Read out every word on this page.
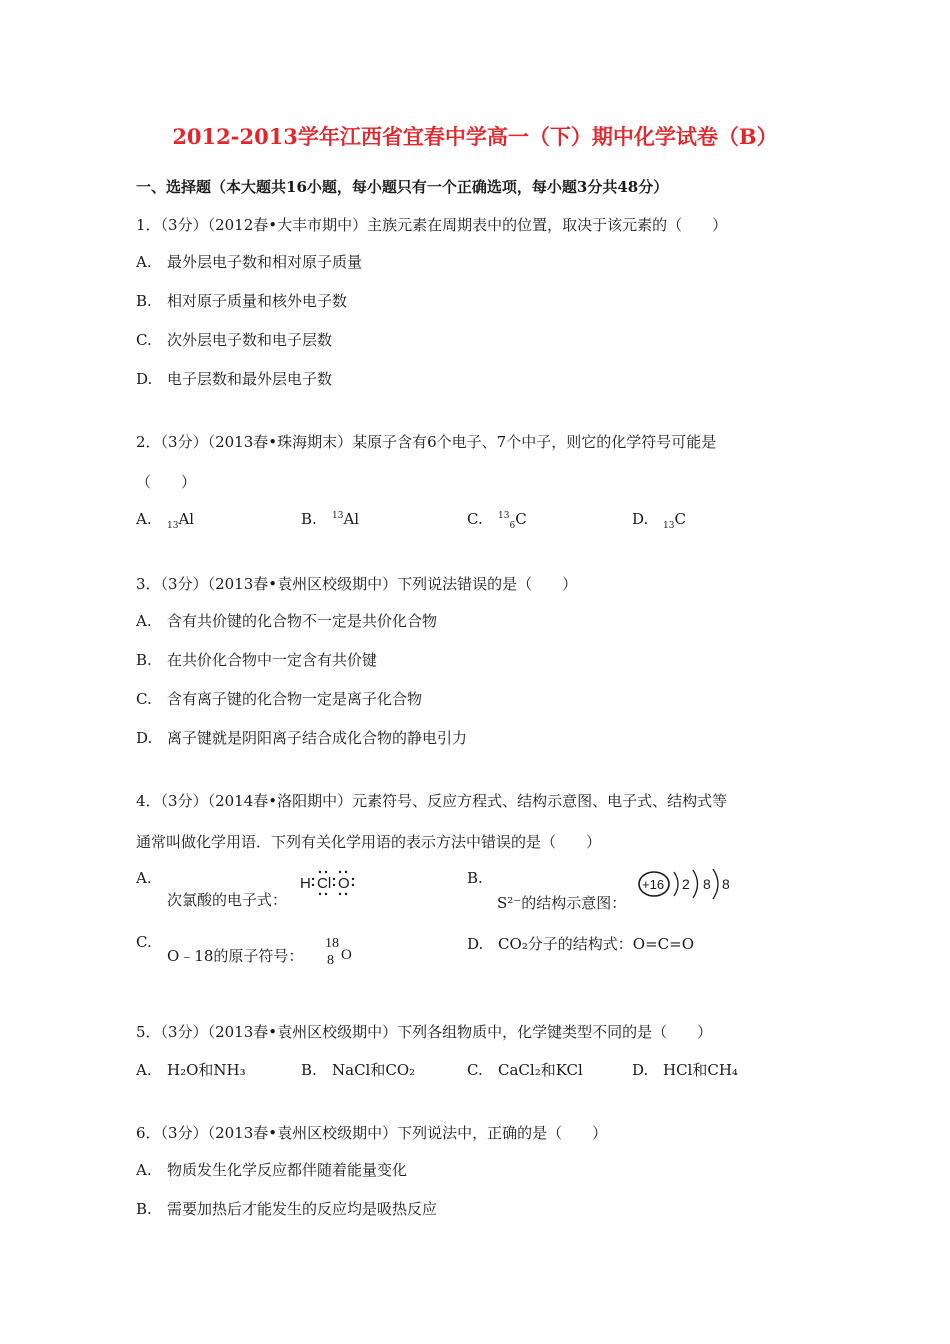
2012-2013学年江西省宜春中学高一（下）期中化学试卷（B）
一、选择题（本大题共16小题，每小题只有一个正确选项，每小题3分共48分）
1．（3分）（2012春•大丰市期中）主族元素在周期表中的位置，取决于该元素的（　　）
A. 最外层电子数和相对原子质量
B. 相对原子质量和核外电子数
C. 次外层电子数和电子层数
D. 电子层数和最外层电子数
2．（3分）（2013春•珠海期末）某原子含有6个电子、7个中子，则它的化学符号可能是
（　　）
A. $_{13}$Al	B. $^{13}$Al	C. $^{13}_6$C	D. $_{13}$C
3．（3分）（2013春•袁州区校级期中）下列说法错误的是（　　）
A. 含有共价键的化合物不一定是共价化合物
B. 在共价化合物中一定含有共价键
C. 含有离子键的化合物一定是离子化合物
D. 离子键就是阴阳离子结合成化合物的静电引力
4．（3分）（2014春•洛阳期中）元素符号、反应方程式、结构示意图、电子式、结构式等
通常叫做化学用语．下列有关化学用语的表示方法中错误的是（　　）
A.
次氯酸的电子式：
H Cl O	B.
S²⁻的结构示意图：
+16 2 8 8
C.
O﹣18的原子符号：
18
8 O
D. CO₂分子的结构式：O=C=O
5．（3分）（2013春•袁州区校级期中）下列各组物质中，化学键类型不同的是（　　）
A. H₂O和NH₃	B. NaCl和CO₂	C. CaCl₂和KCl	D. HCl和CH₄
6．（3分）（2013春•袁州区校级期中）下列说法中，正确的是（　　）
A. 物质发生化学反应都伴随着能量变化
B. 需要加热后才能发生的反应均是吸热反应
